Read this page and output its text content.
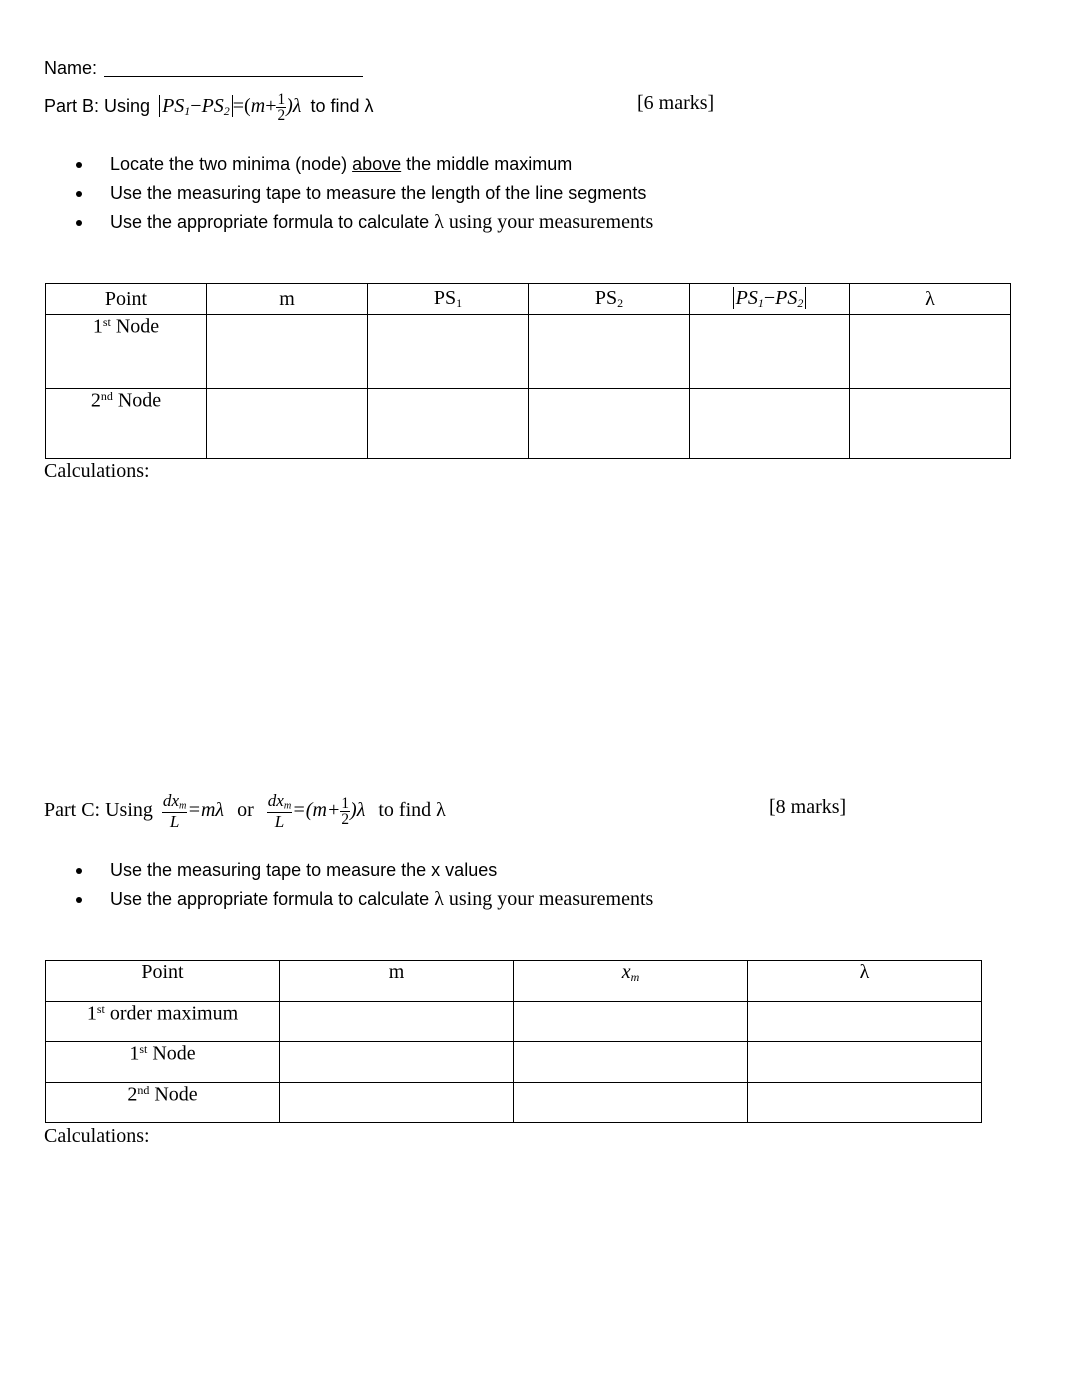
Name:
Part B: Using $PS_1-PS_2 =(m+ \frac{1}{2} )\lambda$ to find λ	[6 marks]
Locate the two minima (node) above the middle maximum
Use the measuring tape to measure the length of the line segments
Use the appropriate formula to calculate λ using your measurements
Point	m	$PS_1$	$PS_2$	$PS_1-PS_2$	λ
1st Node					
2nd Node					
Calculations:
Part C: Using $\frac{dx_m}{L} =m\lambda$ or $\frac{dx_m}{L} =(m+ \frac{1}{2} )\lambda$ to find λ	[8 marks]
Use the measuring tape to measure the x values
Use the appropriate formula to calculate λ using your measurements
Point	m	$x_m$	λ
1st order maximum			
1st Node			
2nd Node			
Calculations:
